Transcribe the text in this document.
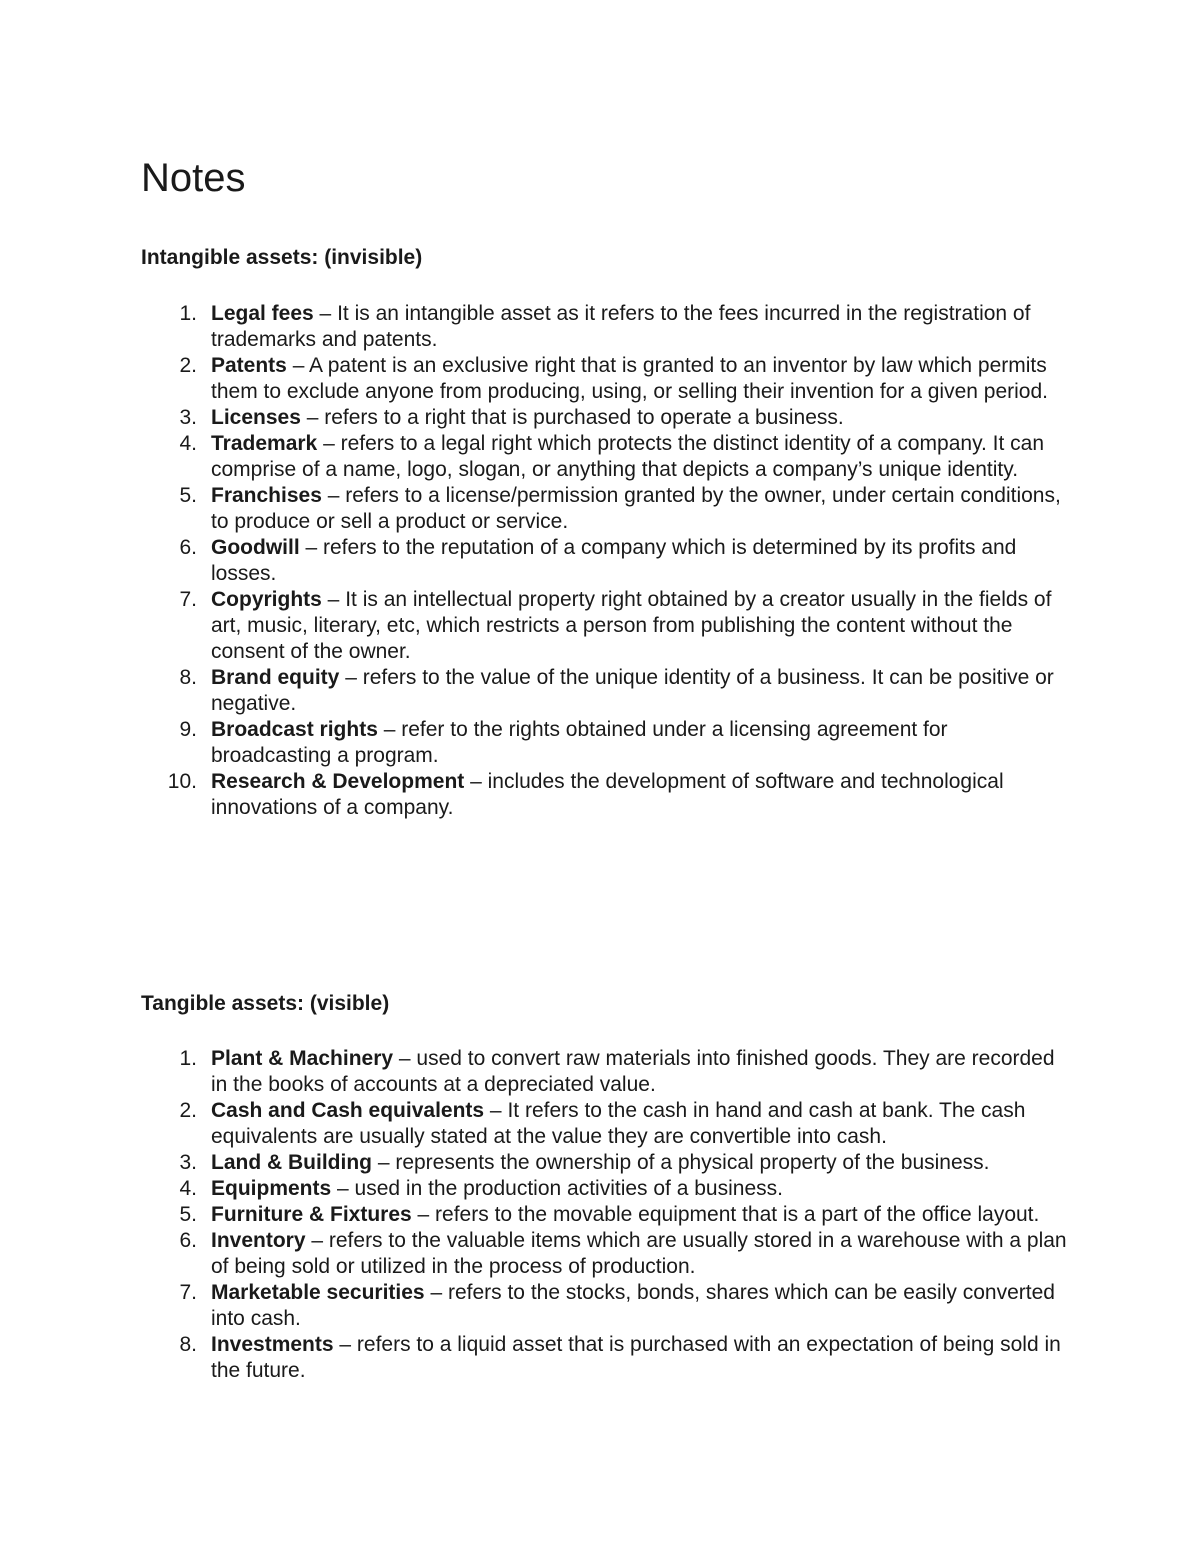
Notes
Intangible assets: (invisible)
1. Legal fees – It is an intangible asset as it refers to the fees incurred in the registration of trademarks and patents.
2. Patents – A patent is an exclusive right that is granted to an inventor by law which permits them to exclude anyone from producing, using, or selling their invention for a given period.
3. Licenses – refers to a right that is purchased to operate a business.
4. Trademark – refers to a legal right which protects the distinct identity of a company. It can comprise of a name, logo, slogan, or anything that depicts a company’s unique identity.
5. Franchises – refers to a license/permission granted by the owner, under certain conditions, to produce or sell a product or service.
6. Goodwill – refers to the reputation of a company which is determined by its profits and losses.
7. Copyrights – It is an intellectual property right obtained by a creator usually in the fields of art, music, literary, etc, which restricts a person from publishing the content without the consent of the owner.
8. Brand equity – refers to the value of the unique identity of a business. It can be positive or negative.
9. Broadcast rights – refer to the rights obtained under a licensing agreement for broadcasting a program.
10. Research & Development – includes the development of software and technological innovations of a company.
Tangible assets: (visible)
1. Plant & Machinery – used to convert raw materials into finished goods. They are recorded in the books of accounts at a depreciated value.
2. Cash and Cash equivalents – It refers to the cash in hand and cash at bank. The cash equivalents are usually stated at the value they are convertible into cash.
3. Land & Building – represents the ownership of a physical property of the business.
4. Equipments – used in the production activities of a business.
5. Furniture & Fixtures – refers to the movable equipment that is a part of the office layout.
6. Inventory – refers to the valuable items which are usually stored in a warehouse with a plan of being sold or utilized in the process of production.
7. Marketable securities – refers to the stocks, bonds, shares which can be easily converted into cash.
8. Investments – refers to a liquid asset that is purchased with an expectation of being sold in the future.
